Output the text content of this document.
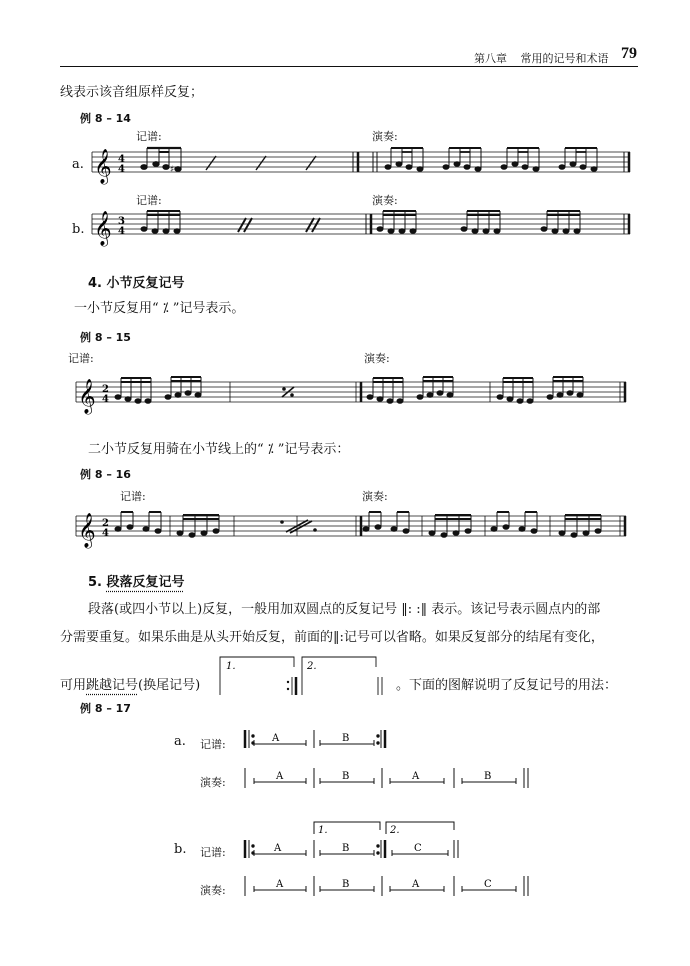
第八章 常用的记号和术语 79
线表示该音组原样反复；
例 8 – 14
记谱:	演奏:
a.
记谱:	演奏:
b.
𝄞 4
4	♯
𝄞 3
4
4. 小节反复记号
一小节反复用“ ⁒ ”记号表示。
例 8 – 15
记谱:	演奏:
𝄞 2
4
二小节反复用骑在小节线上的“ ⁒ ”记号表示：
例 8 – 16
记谱:	演奏:
𝄞 2
4
5. 段落反复记号
段落(或四小节以上)反复，一般用加双圆点的反复记号 ‖: :‖ 表示。该记号表示圆点内的部
分需要重复。如果乐曲是从头开始反复，前面的‖:记号可以省略。如果反复部分的结尾有变化，
可用跳越记号(换尾记号)
1.	2.
。下面的图解说明了反复记号的用法：
例 8 – 17
a. 记谱:
演奏:
A	B
A	B	A	B
b. 记谱:
演奏:
1.	2.
A	B	C
A	B	A	C
